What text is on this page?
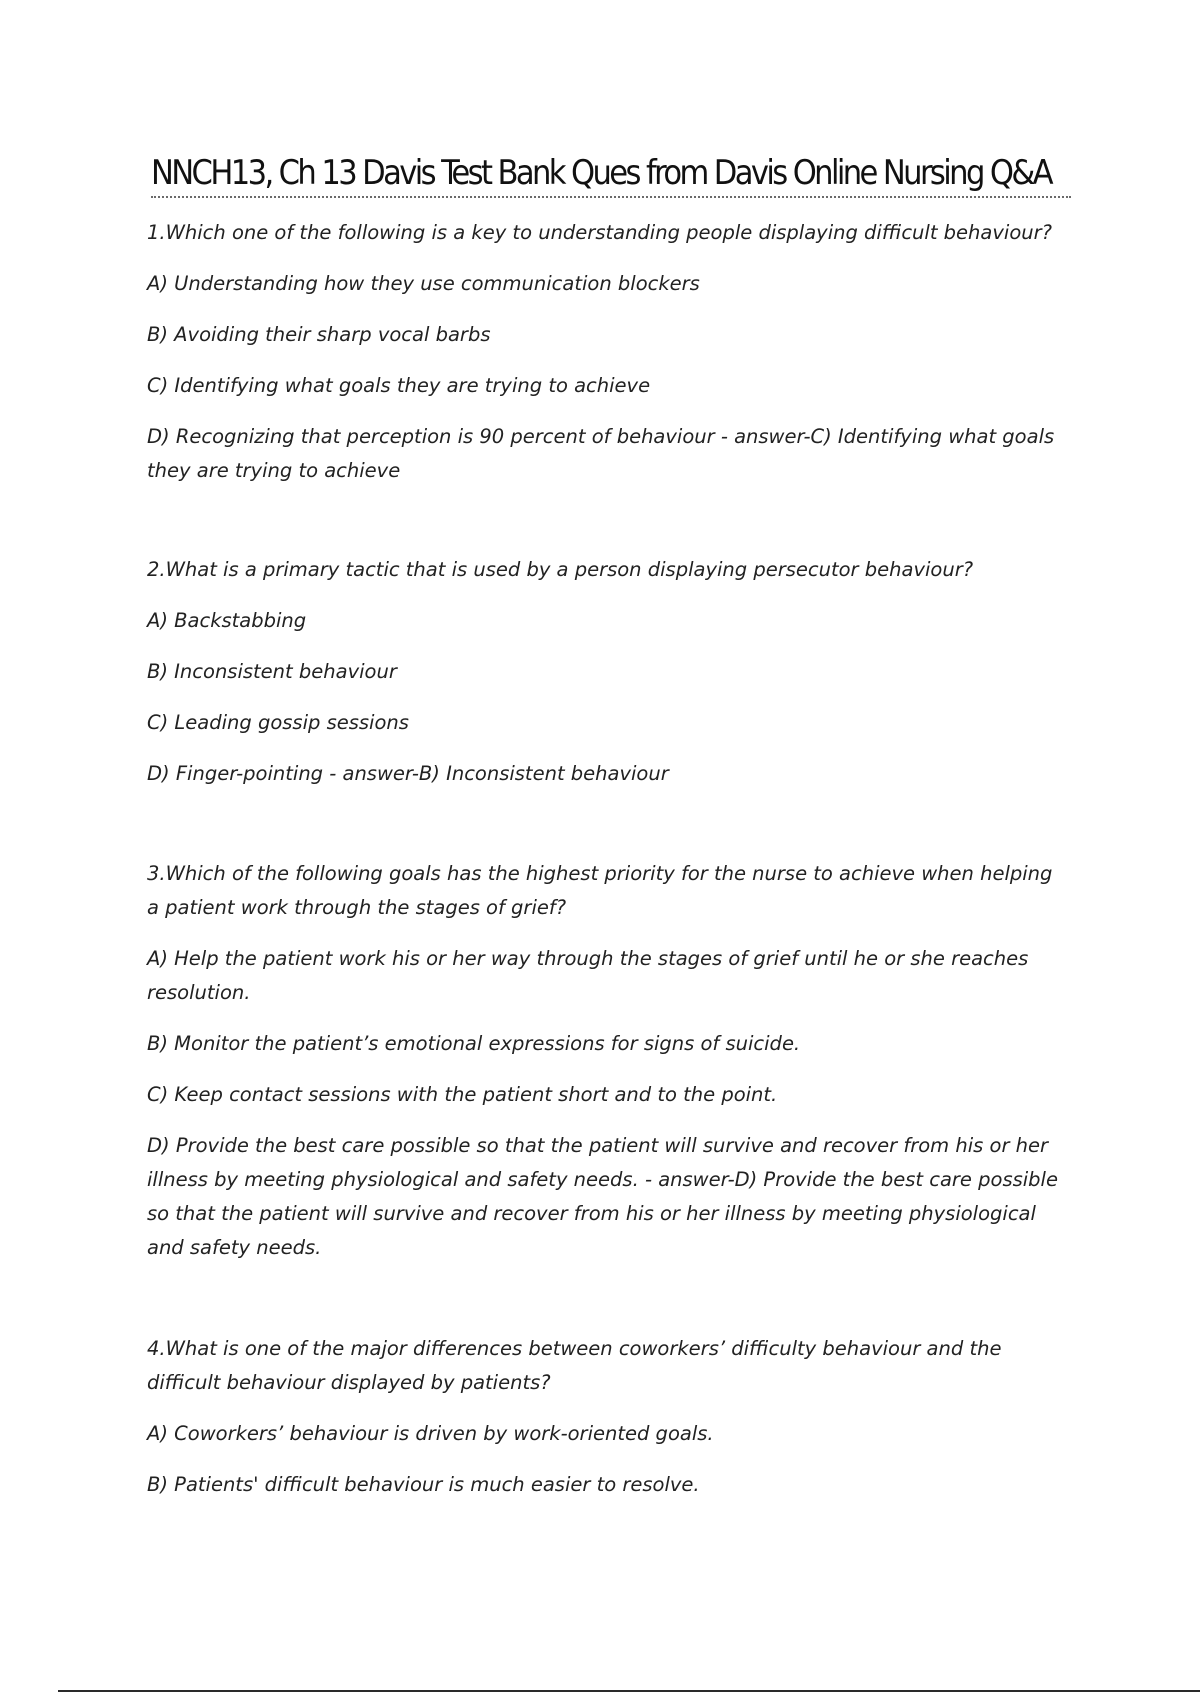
NNCH13, Ch 13 Davis Test Bank Ques from Davis Online Nursing Q&A

1.Which one of the following is a key to understanding people displaying difficult behaviour?

A) Understanding how they use communication blockers

B) Avoiding their sharp vocal barbs

C) Identifying what goals they are trying to achieve

D) Recognizing that perception is 90 percent of behaviour - answer-C) Identifying what goals they are trying to achieve

2.What is a primary tactic that is used by a person displaying persecutor behaviour?

A) Backstabbing

B) Inconsistent behaviour

C) Leading gossip sessions

D) Finger-pointing - answer-B) Inconsistent behaviour

3.Which of the following goals has the highest priority for the nurse to achieve when helping a patient work through the stages of grief?

A) Help the patient work his or her way through the stages of grief until he or she reaches resolution.

B) Monitor the patient’s emotional expressions for signs of suicide.

C) Keep contact sessions with the patient short and to the point.

D) Provide the best care possible so that the patient will survive and recover from his or her illness by meeting physiological and safety needs. - answer-D) Provide the best care possible so that the patient will survive and recover from his or her illness by meeting physiological and safety needs.

4.What is one of the major differences between coworkers’ difficulty behaviour and the difficult behaviour displayed by patients?

A) Coworkers’ behaviour is driven by work-oriented goals.

B) Patients' difficult behaviour is much easier to resolve.
